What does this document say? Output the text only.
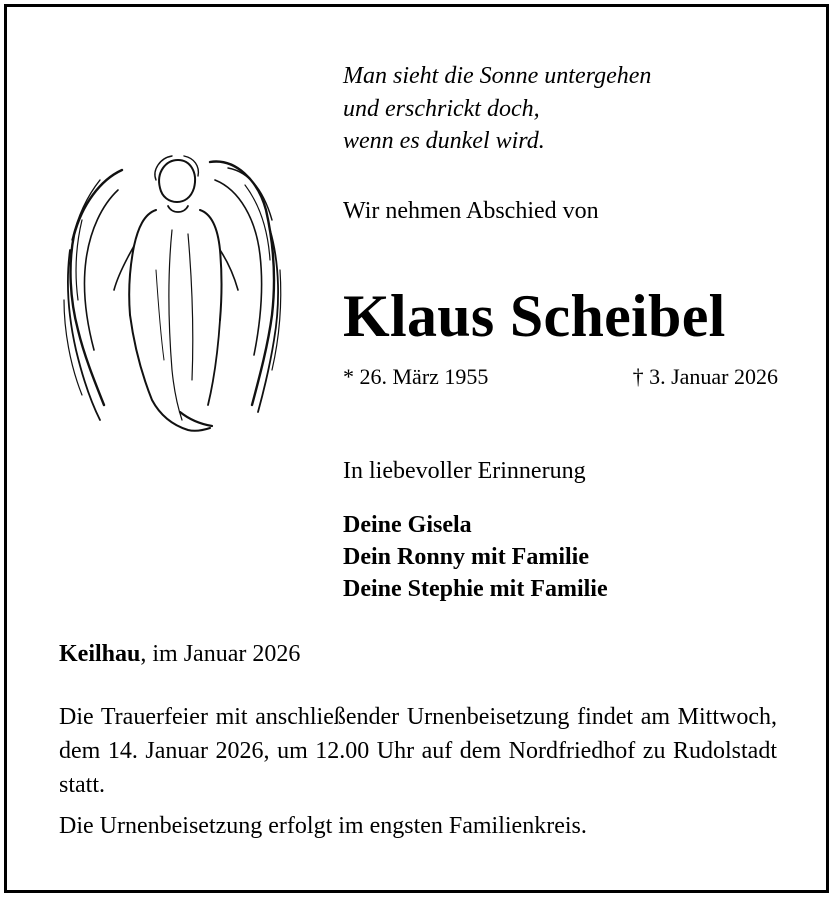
Man sieht die Sonne untergehen
und erschrickt doch,
wenn es dunkel wird.
Wir nehmen Abschied von
Klaus Scheibel
* 26. März 1955	† 3. Januar 2026
In liebevoller Erinnerung
Deine Gisela
Dein Ronny mit Familie
Deine Stephie mit Familie
Keilhau, im Januar 2026
Die Trauerfeier mit anschließender Urnenbeisetzung findet am Mittwoch, dem 14. Januar 2026, um 12.00 Uhr auf dem Nordfriedhof zu Rudolstadt statt.
Die Urnenbeisetzung erfolgt im engsten Familienkreis.
